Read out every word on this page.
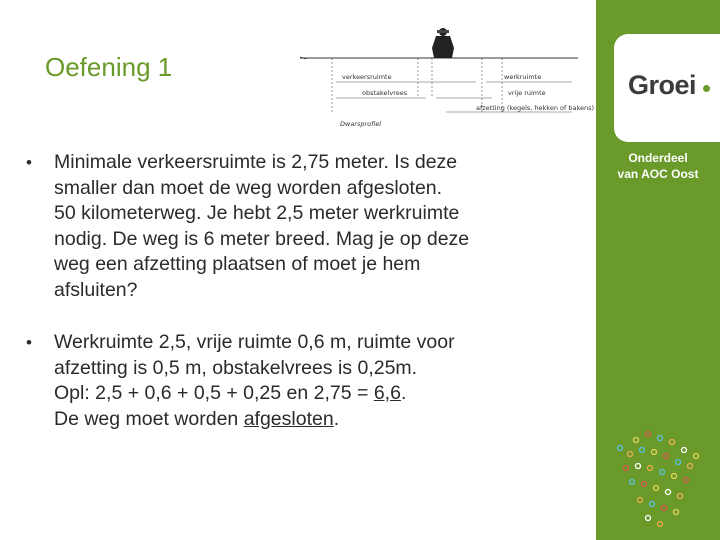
Oefening 1	verkeersruimte	werkruimte
obstakelvrees	vrije ruimte
afzetting (kegels, hekken of bakens)
Dwarsprofiel
•	Minimale verkeersruimte is 2,75 meter. Is deze
smaller dan moet de weg worden afgesloten.
50 kilometerweg. Je hebt 2,5 meter werkruimte
nodig. De weg is 6 meter breed. Mag je op deze
weg een afzetting plaatsen of moet je hem
afsluiten?
•	Werkruimte 2,5, vrije ruimte 0,6 m, ruimte voor
afzetting is 0,5 m, obstakelvrees is 0,25m.
Opl: 2,5 + 0,6 + 0,5 + 0,25 en 2,75 = 6,6.
De weg moet worden afgesloten.
Groei
Onderdeel
van AOC Oost
